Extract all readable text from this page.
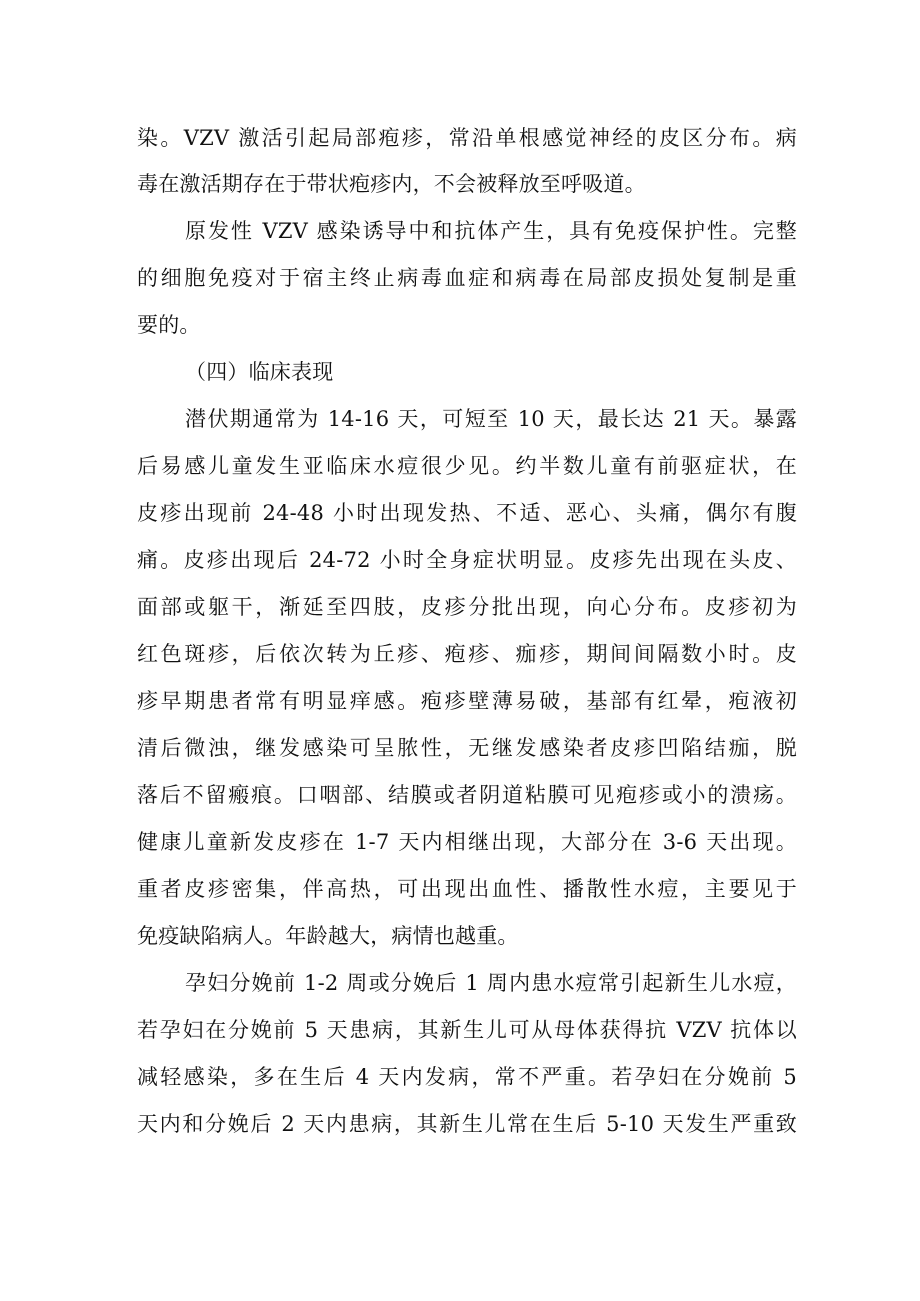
染。VZV 激活引起局部疱疹，常沿单根感觉神经的皮区分布。病
毒在激活期存在于带状疱疹内，不会被释放至呼吸道。
原发性 VZV 感染诱导中和抗体产生，具有免疫保护性。完整
的细胞免疫对于宿主终止病毒血症和病毒在局部皮损处复制是重
要的。
（四）临床表现
潜伏期通常为 14-16 天，可短至 10 天，最长达 21 天。暴露
后易感儿童发生亚临床水痘很少见。约半数儿童有前驱症状，在
皮疹出现前 24-48 小时出现发热、不适、恶心、头痛，偶尔有腹
痛。皮疹出现后 24-72 小时全身症状明显。皮疹先出现在头皮、
面部或躯干，渐延至四肢，皮疹分批出现，向心分布。皮疹初为
红色斑疹，后依次转为丘疹、疱疹、痂疹，期间间隔数小时。皮
疹早期患者常有明显痒感。疱疹壁薄易破，基部有红晕，疱液初
清后微浊，继发感染可呈脓性，无继发感染者皮疹凹陷结痂，脱
落后不留瘢痕。口咽部、结膜或者阴道粘膜可见疱疹或小的溃疡。
健康儿童新发皮疹在 1-7 天内相继出现，大部分在 3-6 天出现。
重者皮疹密集，伴高热，可出现出血性、播散性水痘，主要见于
免疫缺陷病人。年龄越大，病情也越重。
孕妇分娩前 1-2 周或分娩后 1 周内患水痘常引起新生儿水痘，
若孕妇在分娩前 5 天患病，其新生儿可从母体获得抗 VZV 抗体以
减轻感染，多在生后 4 天内发病，常不严重。若孕妇在分娩前 5
天内和分娩后 2 天内患病，其新生儿常在生后 5-10 天发生严重致
